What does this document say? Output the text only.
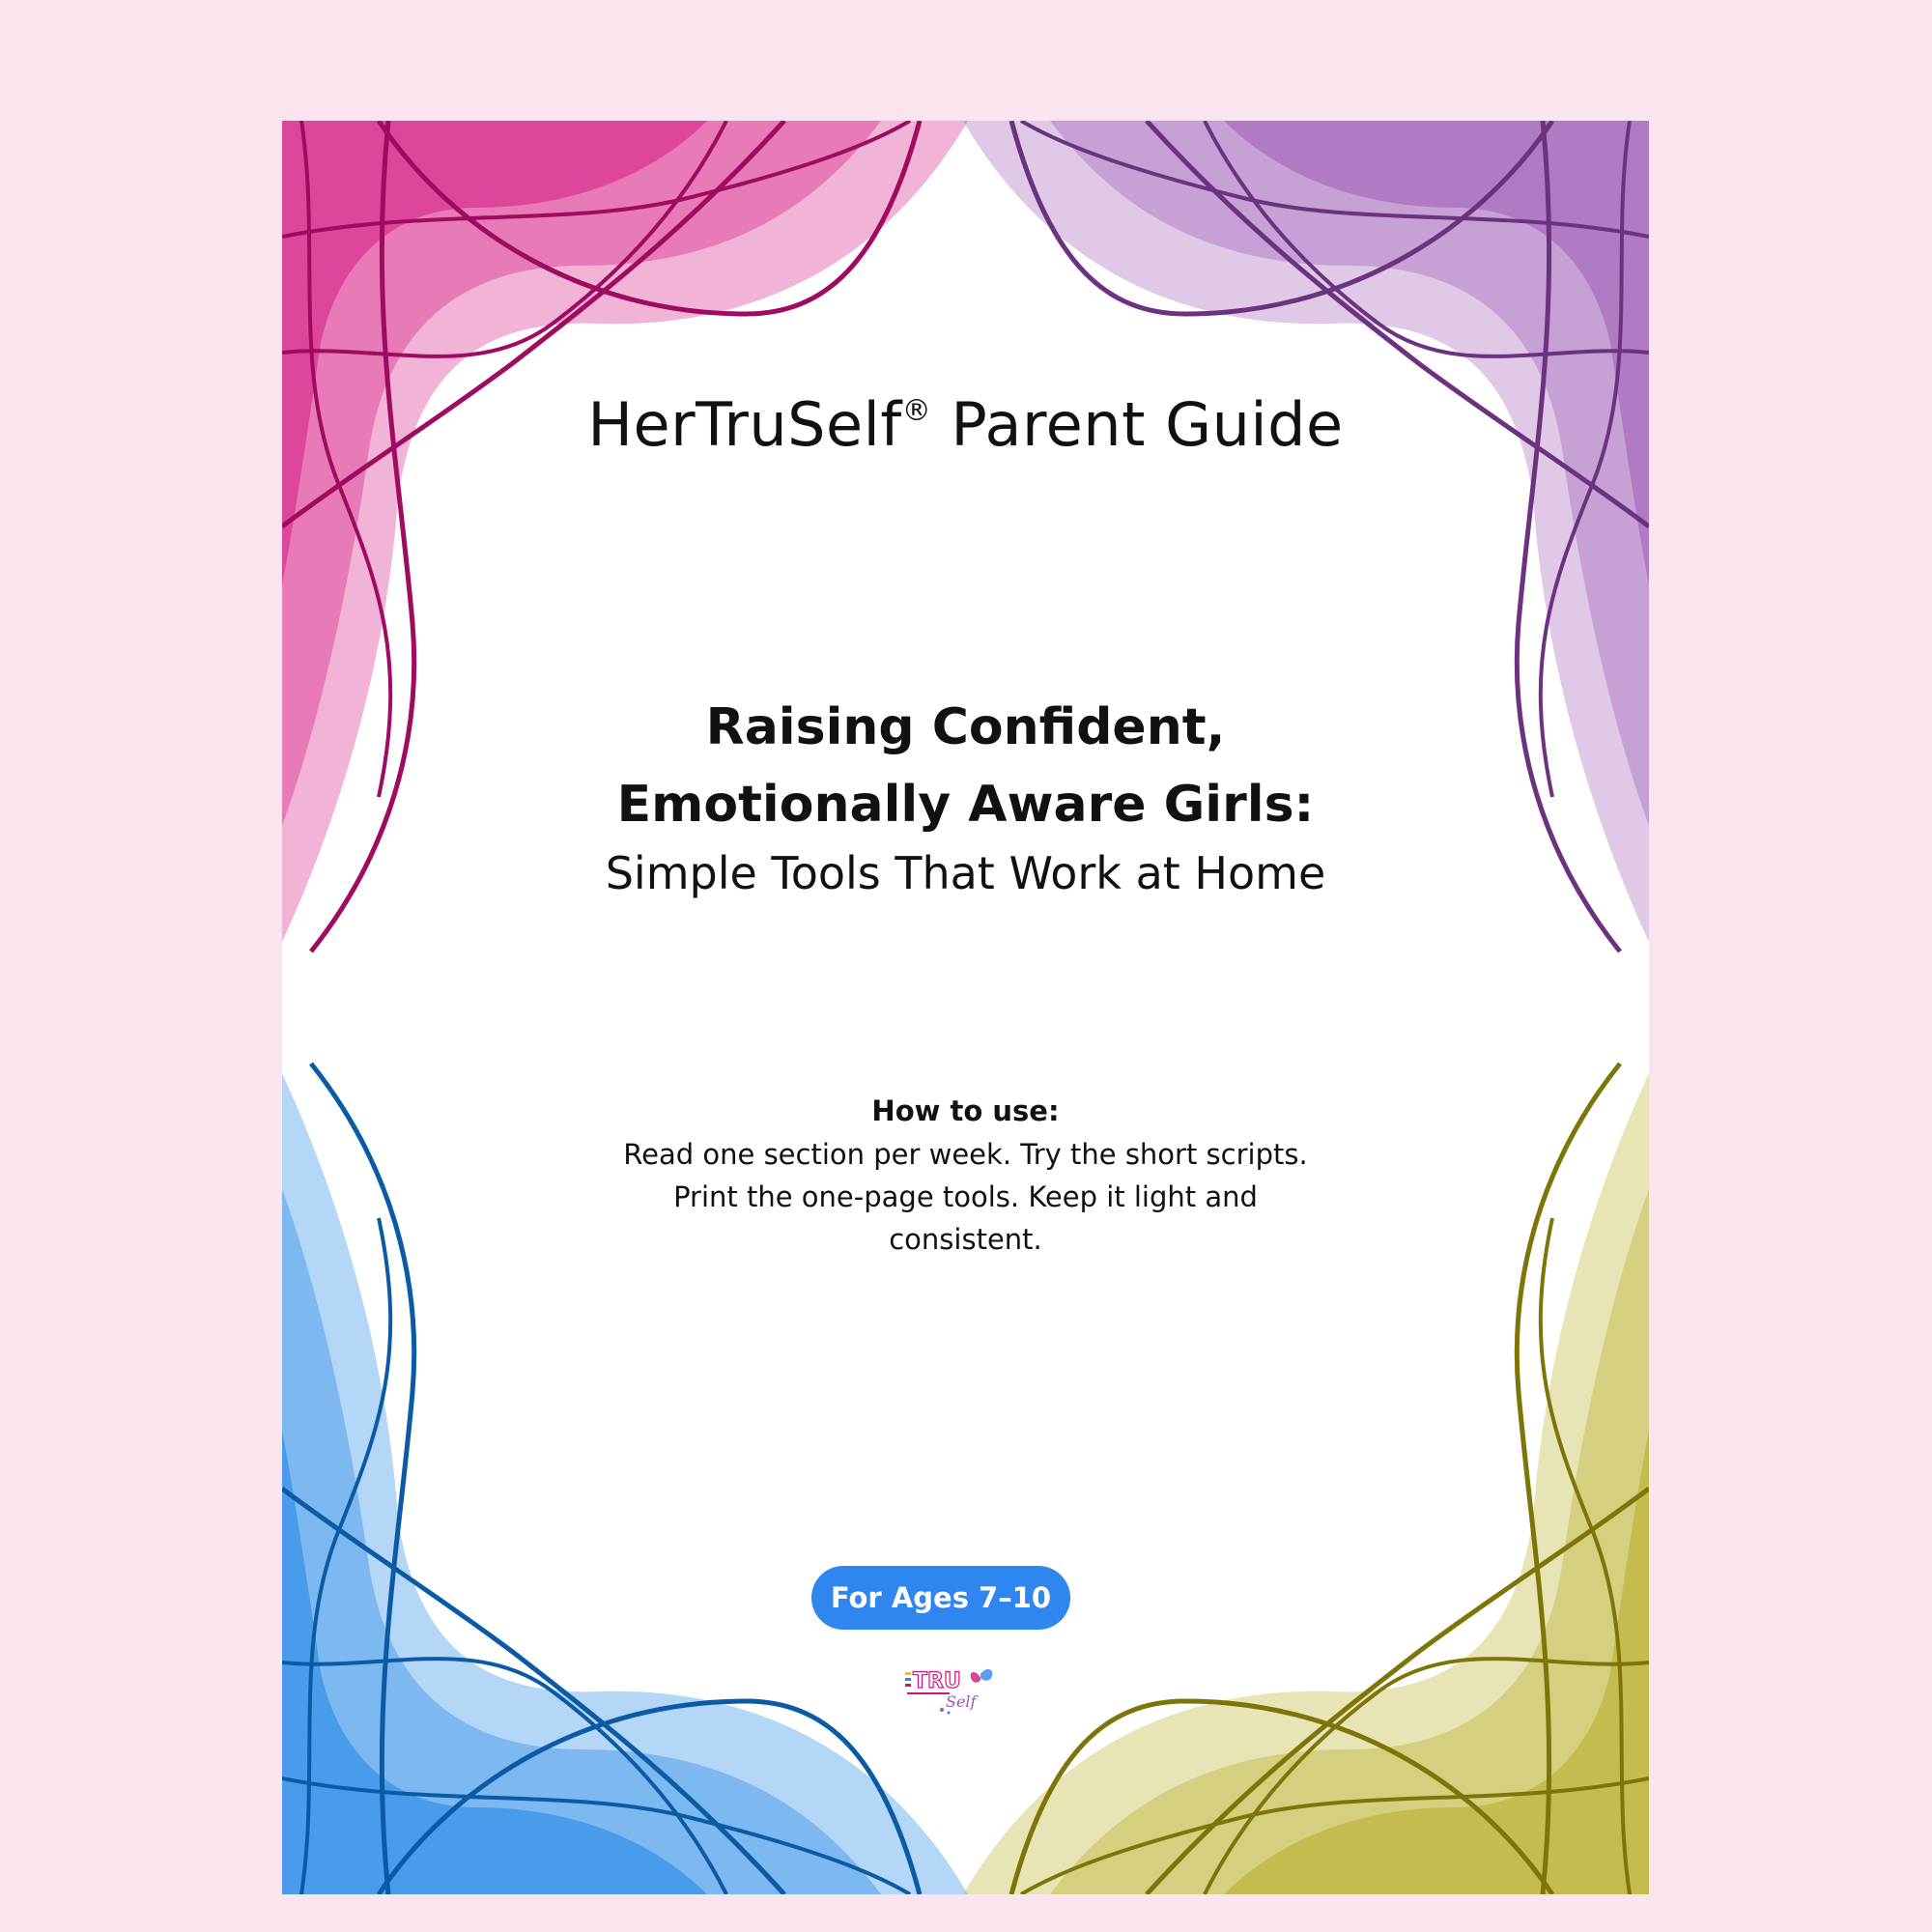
HerTruSelf® Parent Guide
Raising Confident,
Emotionally Aware Girls:
Simple Tools That Work at Home
How to use:
Read one section per week. Try the short scripts. Print the one-page tools. Keep it light and consistent.
For Ages 7–10
TRU
Self
